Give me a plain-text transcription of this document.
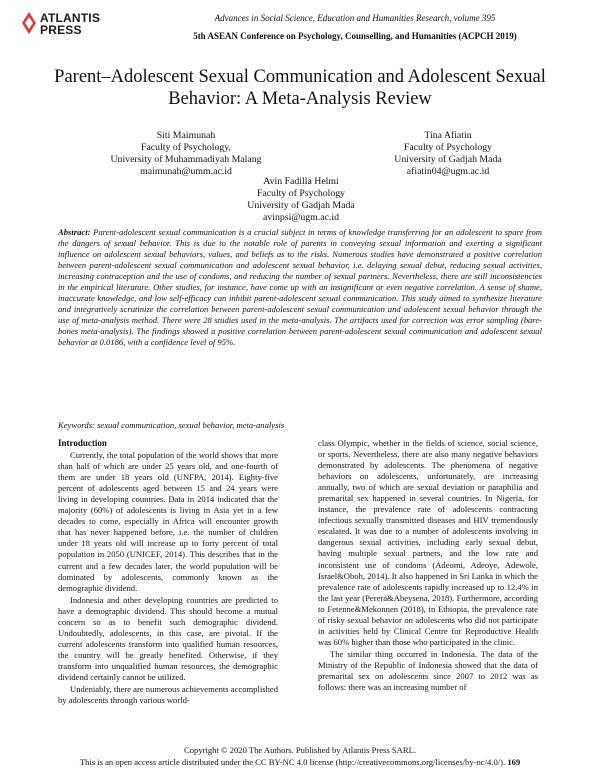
ATLANTIS
PRESS
Advances in Social Science, Education and Humanities Research, volume 395
5th ASEAN Conference on Psychology, Counselling, and Humanities (ACPCH 2019)
Parent–Adolescent Sexual Communication and Adolescent Sexual Behavior: A Meta-Analysis Review
Siti Maimunah
Faculty of Psychology,
University of Muhammadiyah Malang
maimunah@umm.ac.id
Tina Afiatin
Faculty of Psychology
University of Gadjah Mada
afiatin04@ugm.ac.id
Avin Fadilla Helmi
Faculty of Psychology
University of Gadjah Mada
avinpsi@ugm.ac.id
Abstract: Parent-adolescent sexual communication is a crucial subject in terms of knowledge transferring for an adolescent to spare from the dangers of sexual behavior. This is due to the notable role of parents in conveying sexual information and exerting a significant influence on adolescent sexual behaviors, values, and beliefs as to the risks. Numerous studies have demonstrated a positive correlation between parent-adolescent sexual communication and adolescent sexual behavior, i.e. delaying sexual debut, reducing sexual activities, increasing contraception and the use of condoms, and reducing the number of sexual partners. Nevertheless, there are still inconsistencies in the empirical literature. Other studies, for instance, have come up with an insignificant or even negative correlation. A sense of shame, inaccurate knowledge, and low self-efficacy can inhibit parent-adolescent sexual communication. This study aimed to synthesize literature and integratively scrutinize the correlation between parent-adolescent sexual communication and adolescent sexual behavior through the use of meta-analysis method. There were 28 studies used in the meta-analysis. The artifacts used for correction was error sampling (bare-bones meta-analysis). The findings showed a positive correlation between parent-adolescent sexual communication and adolescent sexual behavior at 0.0186, with a confidence level of 95%.
Keywords: sexual communication, sexual behavior, meta-analysis
Introduction

Currently, the total population of the world shows that more than half of which are under 25 years old, and one-fourth of them are under 18 years old (UNFPA, 2014). Eighty-five percent of adolescents aged between 15 and 24 years were living in developing countries. Data in 2014 indicated that the majority (60%) of adolescents is living in Asia yet in a few decades to come, especially in Africa will encounter growth that has never happened before, i.e. the number of children under 18 years old will increase up to forty percent of total population in 2050 (UNICEF, 2014). This describes that in the current and a few decades later, the world population will be dominated by adolescents, commonly known as the demographic dividend.

Indonesia and other developing countries are predicted to have a demographic dividend. This should become a mutual concern so as to benefit such demographic dividend. Undoubtedly, adolescents, in this case, are pivotal. If the current adolescents transform into qualified human resources, the country will be greatly benefited. Otherwise, if they transform into unqualified human resources, the demographic dividend certainly cannot be utilized.

Undeniably, there are numerous achievements accomplished by adolescents through various world-

class Olympic, whether in the fields of science, social science, or sports. Nevertheless, there are also many negative behaviors demonstrated by adolescents. The phenomena of negative behaviors on adolescents, unfortunately, are increasing annually, two of which are sexual deviation or paraphilia and premarital sex happened in several countries. In Nigeria, for instance, the prevalence rate of adolescents contracting infectious sexually transmitted diseases and HIV tremendously escalated. It was due to a number of adolescents involving in dangerous sexual activities, including early sexual debut, having multiple sexual partners, and the low rate and inconsistent use of condoms (Adeomi, Adeoye, Adewole, Israel&Oboh, 2014). It also happened in Sri Lanka in which the prevalence rate of adolescents rapidly increased up to 12.4% in the last year (Perera&Abeysena, 2018). Furthermore, according to Fetenne&Mekonnen (2018), in Ethiopia, the prevalence rate of risky sexual behavior on adolescents who did not participate in activities held by Clinical Centre for Reproductive Health was 60% higher than those who participated in the clinic.

The similar thing occurred in Indonesia. The data of the Ministry of the Republic of Indonesia showed that the data of premarital sex on adolescents since 2007 to 2012 was as follows: there was an increasing number of

Copyright © 2020 The Authors. Published by Atlantis Press SARL.
This is an open access article distributed under the CC BY-NC 4.0 license (http://creativecommons.org/licenses/by-nc/4.0/). 169
